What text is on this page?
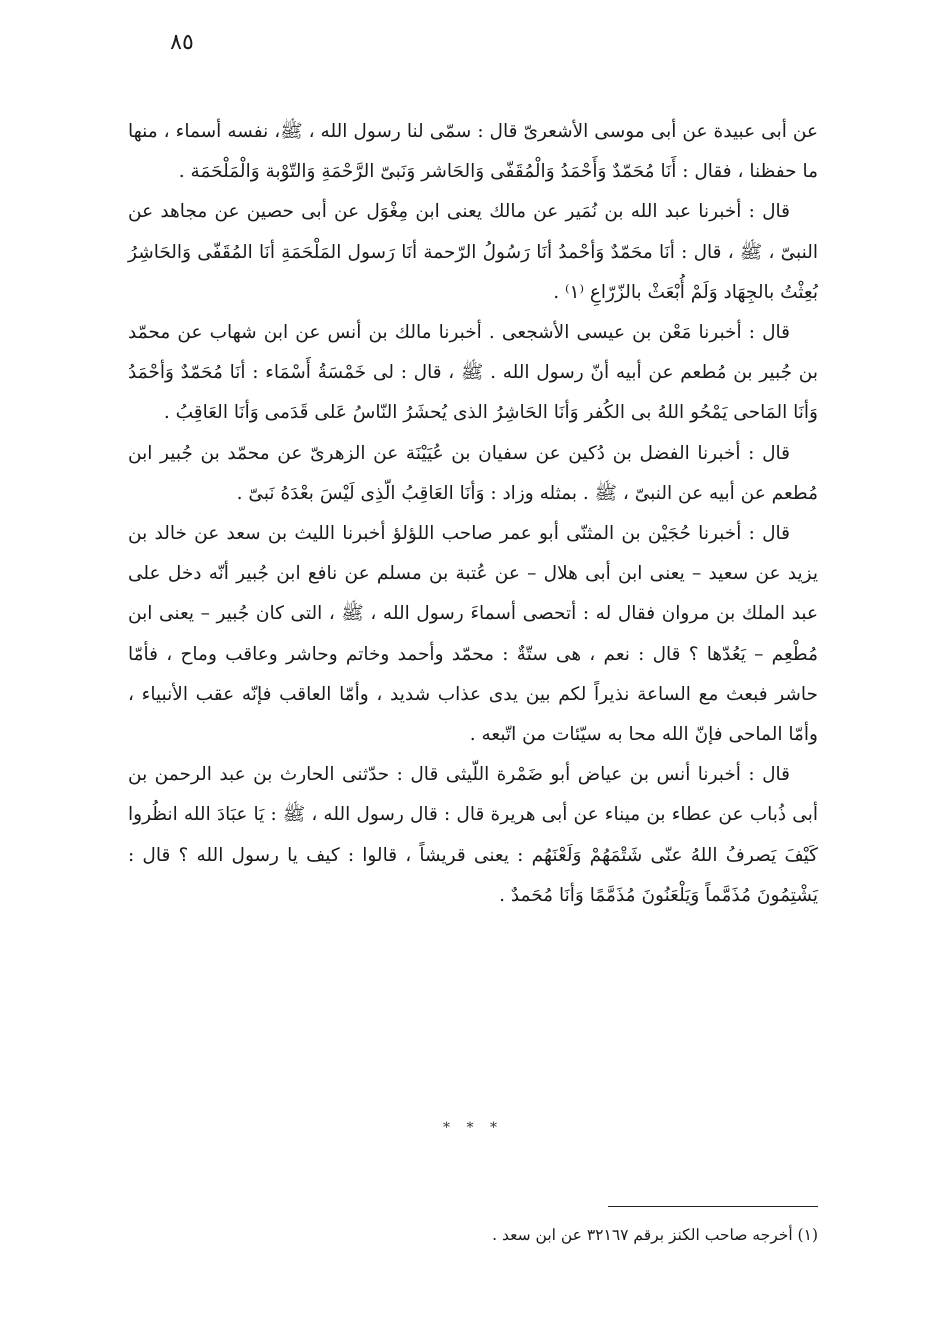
٨٥

عن أبى عبيدة عن أبى موسى الأشعرىّ قال : سمّى لنا رسول الله ، ﷺ، نفسه أسماء ، منها ما حفظنا ، فقال : أَنَا مُحَمّدٌ وَأَحْمَدُ وَالْمُقَفّى وَالحَاشر وَنَبىّ الرَّحْمَةِ وَالتّوْبة وَالْمَلْحَمَة .

قال : أخبرنا عبد الله بن نُمَير عن مالك يعنى ابن مِغْوَل عن أبى حصين عن مجاهد عن النبىّ ، ﷺ ، قال : أنَا محَمّدٌ وَأحْمدُ أنَا رَسُولُ الرّحمة أنَا رَسول المَلْحَمَةِ أنَا المُقَفّى وَالحَاشِرُ بُعِثْتُ بالجِهَاد وَلَمْ أُبْعَثْ بالزّرّاعِ ⁽١⁾ .

قال : أخبرنا مَعْن بن عيسى الأشجعى . أخبرنا مالك بن أنس عن ابن شهاب عن محمّد بن جُبير بن مُطعم عن أبيه أنّ رسول الله . ﷺ ، قال : لى خَمْسَةُ أَسْمَاء : أنَا مُحَمّدٌ وَأحْمَدُ وَأنَا المَاحى يَمْحُو اللهُ بى الكُفر وَأنَا الحَاشِرُ الذى يُحشَرُ النّاسُ عَلى قَدَمى وَأنَا العَاقِبُ .

قال : أخبرنا الفضل بن دُكين عن سفيان بن عُيَيْنَة عن الزهرىّ عن محمّد بن جُبير ابن مُطعم عن أبيه عن النبىّ ، ﷺ . بمثله وزاد : وَأنَا العَاقِبُ الّذِى لَيْسَ بعْدَهُ نَبىّ .

قال : أخبرنا حُجَيْن بن المثنّى أبو عمر صاحب اللؤلؤ أخبرنا الليث بن سعد عن خالد بن يزيد عن سعيد – يعنى ابن أبى هلال – عن عُتبة بن مسلم عن نافع ابن جُبير أنّه دخل على عبد الملك بن مروان فقال له : أتحصى أسماءَ رسول الله ، ﷺ ، التى كان جُبير – يعنى ابن مُطْعِم – يَعُدّها ؟ قال : نعم ، هى ستّةٌ : محمّد وأحمد وخاتم وحاشر وعاقب وماح ، فأمّا حاشر فبعث مع الساعة نذيراً لكم بين يدى عذاب شديد ، وأمّا العاقب فإنّه عقب الأنبياء ، وأمّا الماحى فإنّ الله محا به سيّئات من اتّبعه .

قال : أخبرنا أنس بن عياض أبو ضَمْرة اللّيثى قال : حدّثنى الحارث بن عبد الرحمن بن أبى ذُباب عن عطاء بن ميناء عن أبى هريرة قال : قال رسول الله ، ﷺ : يَا عبَادَ الله انظُروا كَيْفَ يَصرفُ اللهُ عنّى شَتْمَهُمْ وَلَعْنَهُم : يعنى قريشاً ، قالوا : كيف يا رسول الله ؟ قال : يَشْتِمُونَ مُذَمَّماً وَيَلْعَنُونَ مُذَمَّمًا وَأنَا مُحَمدٌ .

* * *
(١) أخرجه صاحب الكنز برقم ٣٢١٦٧ عن ابن سعد .
